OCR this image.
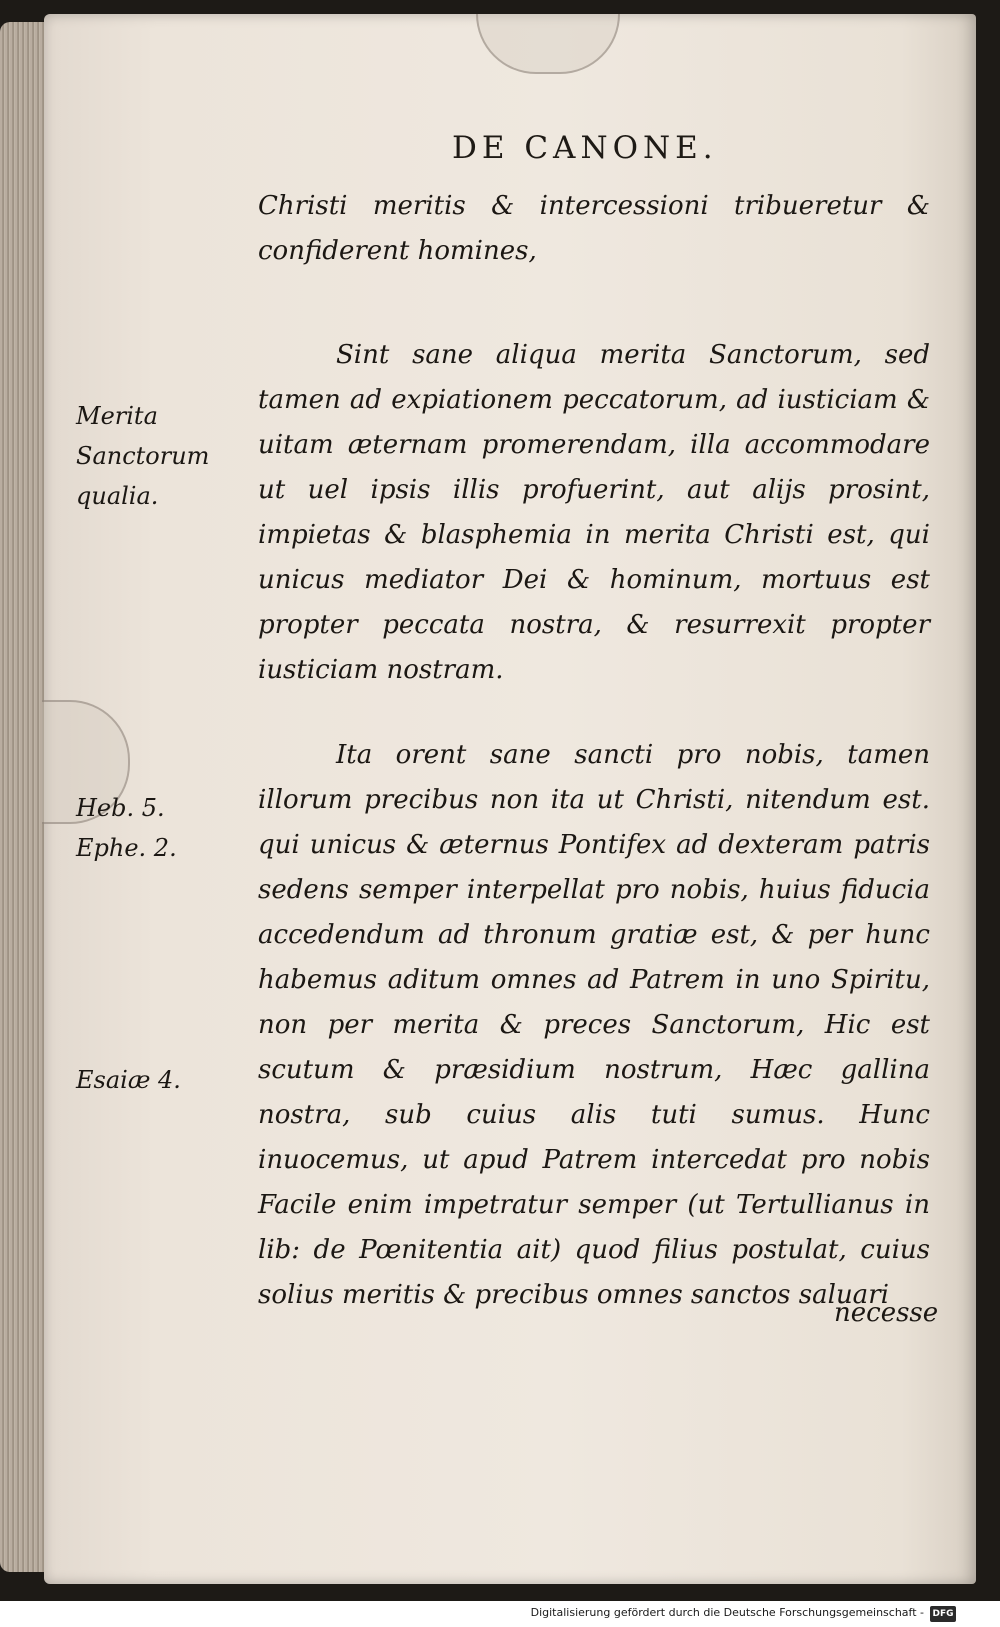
DE CANONE.

Christi meritis & intercessioni tribueretur & confiderent homines,

Sint sane aliqua merita Sanctorum, sed tamen ad expiationem peccatorum, ad iusticiam & uitam æternam promerendam, illa accommodare ut uel ipsis illis profuerint, aut alijs prosint, impietas & blasphemia in merita Christi est, qui unicus mediator Dei & hominum, mortuus est propter peccata nostra, & resurrexit propter iusticiam nostram.

Ita orent sane sancti pro nobis, tamen illorum precibus non ita ut Christi, nitendum est. qui unicus & æternus Pontifex ad dexteram patris sedens semper interpellat pro nobis, huius fiducia accedendum ad thronum gratiæ est, & per hunc habemus aditum omnes ad Patrem in uno Spiritu, non per merita & preces Sanctorum, Hic est scutum & præsidium nostrum, Hæc gallina nostra, sub cuius alis tuti sumus. Hunc inuocemus, ut apud Patrem intercedat pro nobis Facile enim impetratur semper (ut Tertullianus in lib: de Pœnitentia ait) quod filius postulat, cuius solius meritis & precibus omnes sanctos saluari

Merita Sanctorum qualia.

Heb. 5.

Ephe. 2.

Esaiæ 4.

necesse
Digitalisierung gefördert durch die Deutsche Forschungsgemeinschaft - DFG
